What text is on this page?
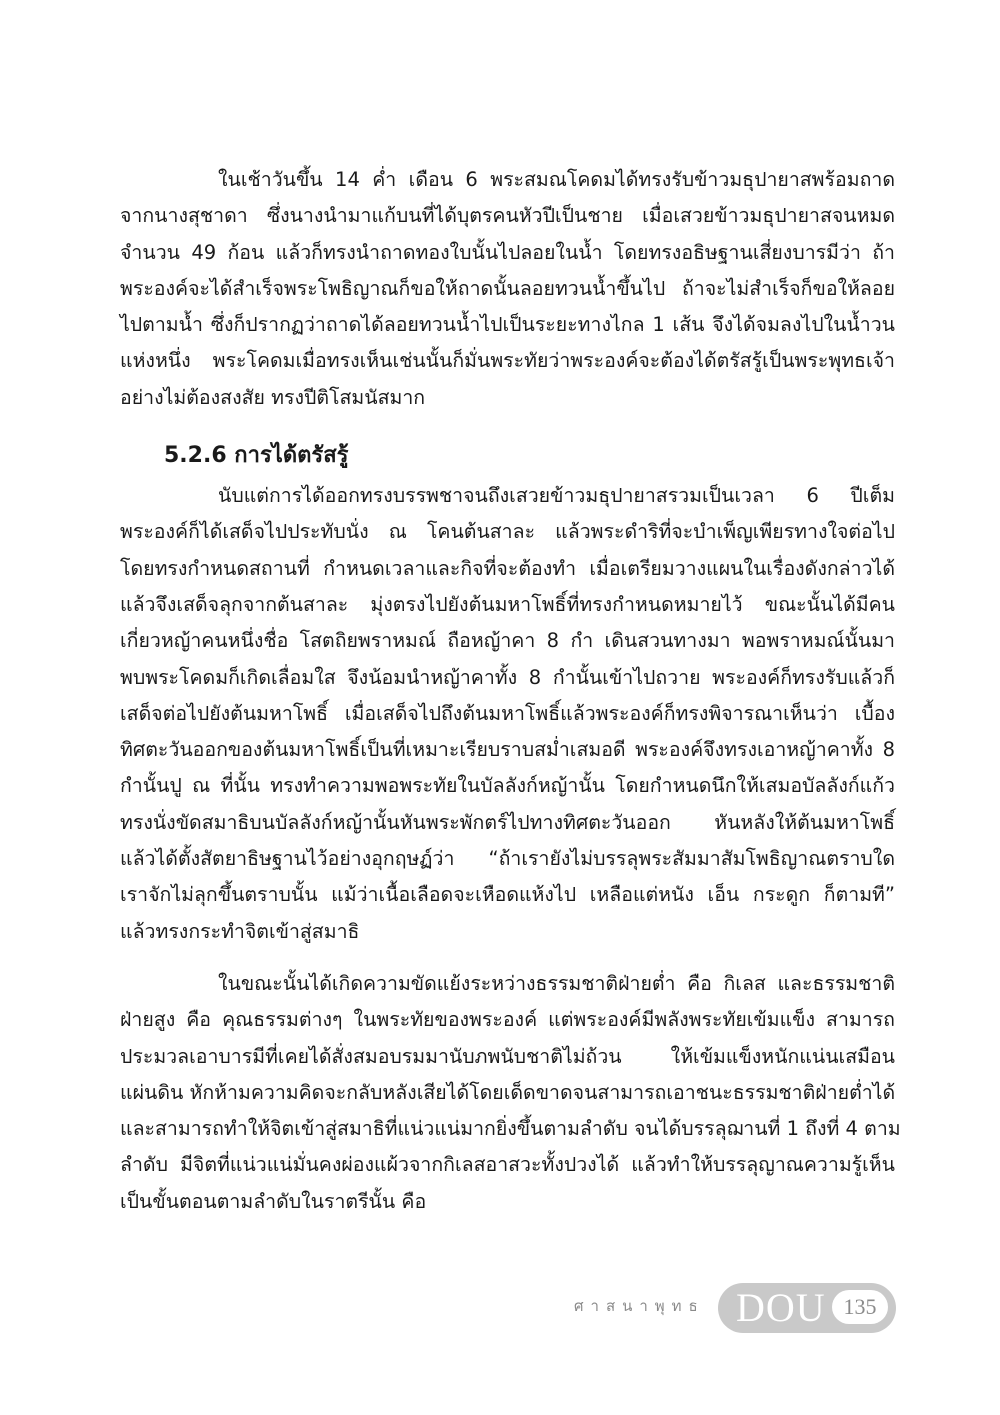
ในเช้าวันขึ้น 14 ค่ำ เดือน 6 พระสมณโคดมได้ทรงรับข้าวมธุปายาสพร้อมถาด
จากนางสุชาดา ซึ่งนางนำมาแก้บนที่ได้บุตรคนหัวปีเป็นชาย เมื่อเสวยข้าวมธุปายาสจนหมด
จำนวน 49 ก้อน แล้วก็ทรงนำถาดทองใบนั้นไปลอยในน้ำ โดยทรงอธิษฐานเสี่ยงบารมีว่า ถ้า
พระองค์จะได้สำเร็จพระโพธิญาณก็ขอให้ถาดนั้นลอยทวนน้ำขึ้นไป ถ้าจะไม่สำเร็จก็ขอให้ลอย
ไปตามน้ำ ซึ่งก็ปรากฏว่าถาดได้ลอยทวนน้ำไปเป็นระยะทางไกล 1 เส้น จึงได้จมลงไปในน้ำวน
แห่งหนึ่ง พระโคดมเมื่อทรงเห็นเช่นนั้นก็มั่นพระทัยว่าพระองค์จะต้องได้ตรัสรู้เป็นพระพุทธเจ้า
อย่างไม่ต้องสงสัย ทรงปีติโสมนัสมาก
5.2.6 การได้ตรัสรู้
นับแต่การได้ออกทรงบรรพชาจนถึงเสวยข้าวมธุปายาสรวมเป็นเวลา 6 ปีเต็ม
พระองค์ก็ได้เสด็จไปประทับนั่ง ณ โคนต้นสาละ แล้วพระดำริที่จะบำเพ็ญเพียรทางใจต่อไป
โดยทรงกำหนดสถานที่ กำหนดเวลาและกิจที่จะต้องทำ เมื่อเตรียมวางแผนในเรื่องดังกล่าวได้
แล้วจึงเสด็จลุกจากต้นสาละ มุ่งตรงไปยังต้นมหาโพธิ์ที่ทรงกำหนดหมายไว้ ขณะนั้นได้มีคน
เกี่ยวหญ้าคนหนึ่งชื่อ โสตถิยพราหมณ์ ถือหญ้าคา 8 กำ เดินสวนทางมา พอพราหมณ์นั้นมา
พบพระโคดมก็เกิดเลื่อมใส จึงน้อมนำหญ้าคาทั้ง 8 กำนั้นเข้าไปถวาย พระองค์ก็ทรงรับแล้วก็
เสด็จต่อไปยังต้นมหาโพธิ์ เมื่อเสด็จไปถึงต้นมหาโพธิ์แล้วพระองค์ก็ทรงพิจารณาเห็นว่า เบื้อง
ทิศตะวันออกของต้นมหาโพธิ์เป็นที่เหมาะเรียบราบสม่ำเสมอดี พระองค์จึงทรงเอาหญ้าคาทั้ง 8
กำนั้นปู ณ ที่นั้น ทรงทำความพอพระทัยในบัลลังก์หญ้านั้น โดยกำหนดนึกให้เสมอบัลลังก์แก้ว
ทรงนั่งขัดสมาธิบนบัลลังก์หญ้านั้นหันพระพักตร์ไปทางทิศตะวันออก หันหลังให้ต้นมหาโพธิ์
แล้วได้ตั้งสัตยาธิษฐานไว้อย่างอุกฤษฏ์ว่า “ถ้าเรายังไม่บรรลุพระสัมมาสัมโพธิญาณตราบใด
เราจักไม่ลุกขึ้นตราบนั้น แม้ว่าเนื้อเลือดจะเหือดแห้งไป เหลือแต่หนัง เอ็น กระดูก ก็ตามที”
แล้วทรงกระทำจิตเข้าสู่สมาธิ
ในขณะนั้นได้เกิดความขัดแย้งระหว่างธรรมชาติฝ่ายต่ำ คือ กิเลส และธรรมชาติ
ฝ่ายสูง คือ คุณธรรมต่างๆ ในพระทัยของพระองค์ แต่พระองค์มีพลังพระทัยเข้มแข็ง สามารถ
ประมวลเอาบารมีที่เคยได้สั่งสมอบรมมานับภพนับชาติไม่ถ้วน ให้เข้มแข็งหนักแน่นเสมือน
แผ่นดิน หักห้ามความคิดจะกลับหลังเสียได้โดยเด็ดขาดจนสามารถเอาชนะธรรมชาติฝ่ายต่ำได้
และสามารถทำให้จิตเข้าสู่สมาธิที่แน่วแน่มากยิ่งขึ้นตามลำดับ จนได้บรรลุฌานที่ 1 ถึงที่ 4 ตาม
ลำดับ มีจิตที่แน่วแน่มั่นคงผ่องแผ้วจากกิเลสอาสวะทั้งปวงได้ แล้วทำให้บรรลุญาณความรู้เห็น
เป็นขั้นตอนตามลำดับในราตรีนั้น คือ
ศาสนาพุทธ DOU 135
